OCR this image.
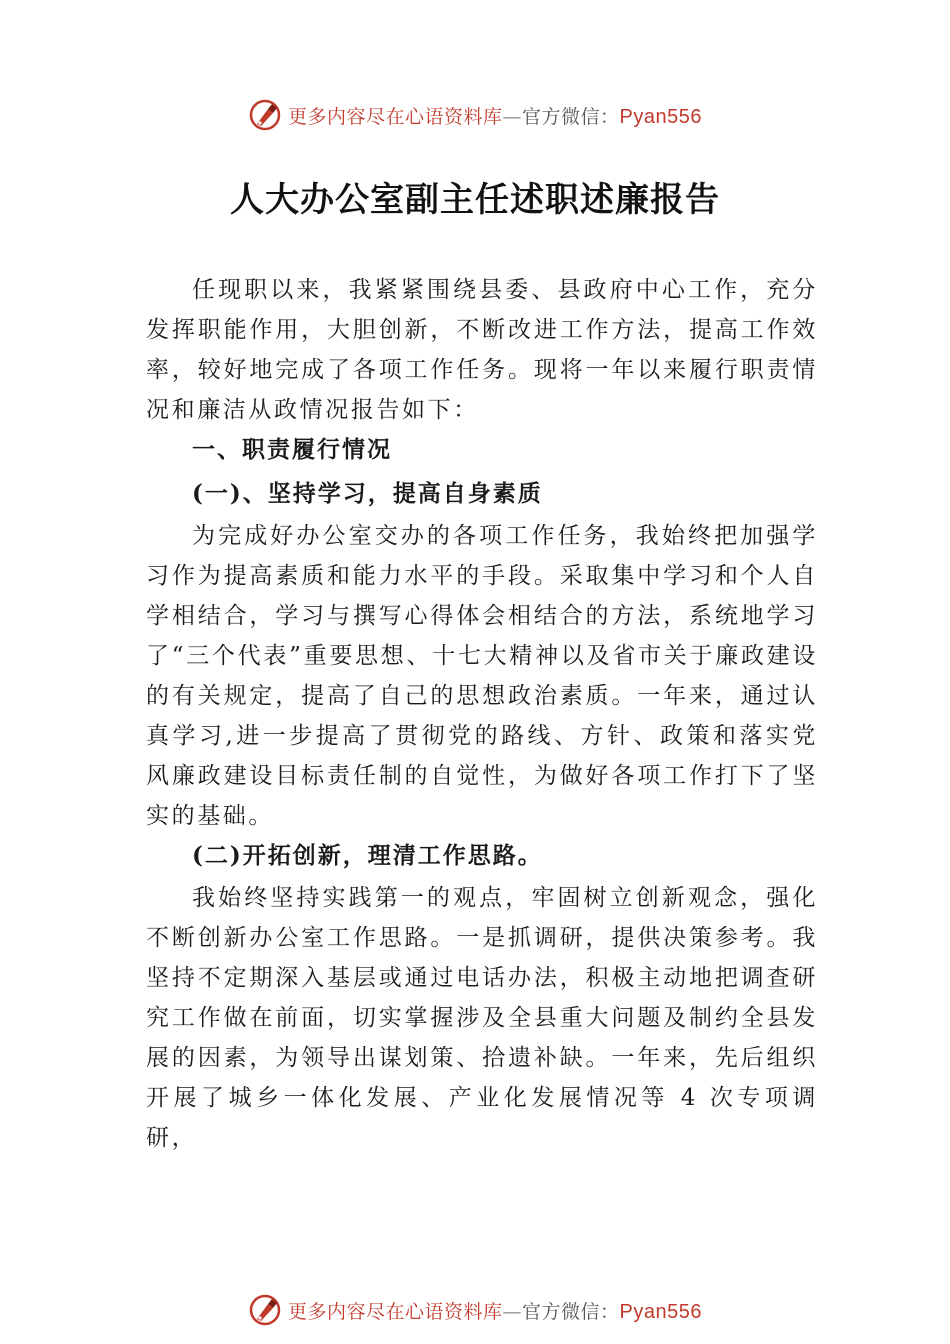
更多内容尽在心语资料库—官方微信：Pyan556
人大办公室副主任述职述廉报告

任现职以来，我紧紧围绕县委、县政府中心工作，充分发挥职能作用，大胆创新，不断改进工作方法，提高工作效率，较好地完成了各项工作任务。现将一年以来履行职责情况和廉洁从政情况报告如下：

一、职责履行情况
(一)、坚持学习，提高自身素质

为完成好办公室交办的各项工作任务，我始终把加强学习作为提高素质和能力水平的手段。采取集中学习和个人自学相结合，学习与撰写心得体会相结合的方法，系统地学习了“三个代表”重要思想、十七大精神以及省市关于廉政建设的有关规定，提高了自己的思想政治素质。一年来，通过认真学习,进一步提高了贯彻党的路线、方针、政策和落实党风廉政建设目标责任制的自觉性，为做好各项工作打下了坚实的基础。

(二)开拓创新，理清工作思路。

我始终坚持实践第一的观点，牢固树立创新观念，强化不断创新办公室工作思路。一是抓调研，提供决策参考。我坚持不定期深入基层或通过电话办法，积极主动地把调查研究工作做在前面，切实掌握涉及全县重大问题及制约全县发展的因素，为领导出谋划策、拾遗补缺。一年来，先后组织开展了城乡一体化发展、产业化发展情况等 4 次专项调研，

更多内容尽在心语资料库—官方微信：Pyan556
